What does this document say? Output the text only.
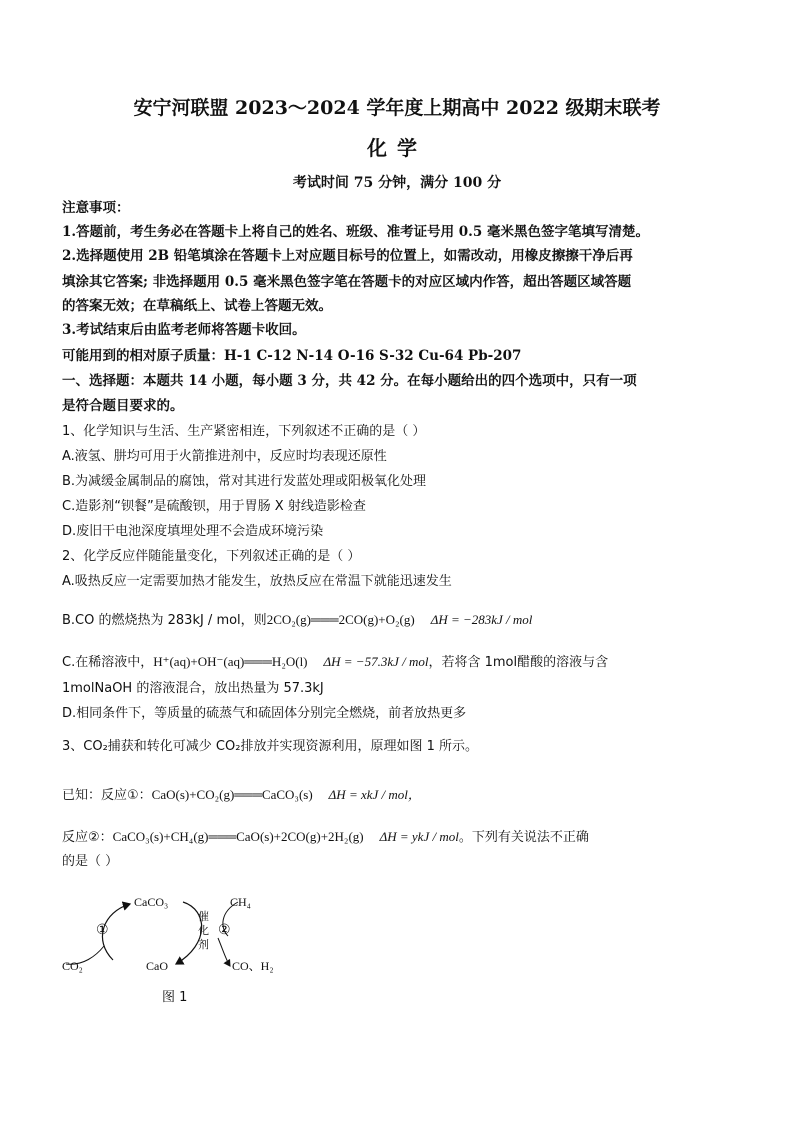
安宁河联盟 2023～2024 学年度上期高中 2022 级期末联考
化学
考试时间 75 分钟，满分 100 分
注意事项：
1.答题前，考生务必在答题卡上将自己的姓名、班级、准考证号用 0.5 毫米黑色签字笔填写清楚。
2.选择题使用 2B 铅笔填涂在答题卡上对应题目标号的位置上，如需改动，用橡皮擦擦干净后再
填涂其它答案; 非选择题用 0.5 毫米黑色签字笔在答题卡的对应区域内作答，超出答题区域答题
的答案无效；在草稿纸上、试卷上答题无效。
3.考试结束后由监考老师将答题卡收回。
可能用到的相对原子质量：H-1 C-12 N-14 O-16 S-32 Cu-64 Pb-207
一、选择题：本题共 14 小题，每小题 3 分，共 42 分。在每小题给出的四个选项中，只有一项
是符合题目要求的。
1、化学知识与生活、生产紧密相连，下列叙述不正确的是（ ）
A.液氢、肼均可用于火箭推进剂中，反应时均表现还原性
B.为减缓金属制品的腐蚀，常对其进行发蓝处理或阳极氧化处理
C.造影剂“钡餐”是硫酸钡，用于胃肠 X 射线造影检查
D.废旧干电池深度填埋处理不会造成环境污染
2、化学反应伴随能量变化，下列叙述正确的是（ ）
A.吸热反应一定需要加热才能发生，放热反应在常温下就能迅速发生
B.CO 的燃烧热为 283kJ / mol，则2CO₂(g)═══2CO(g)+O₂(g) ΔH = −283kJ / mol
C.在稀溶液中，H⁺(aq)+OH⁻(aq)═══H₂O(l) ΔH = −57.3kJ / mol，若将含 1mol醋酸的溶液与含
1molNaOH 的溶液混合，放出热量为 57.3kJ
D.相同条件下，等质量的硫蒸气和硫固体分别完全燃烧，前者放热更多
3、CO₂捕获和转化可减少 CO₂排放并实现资源利用，原理如图 1 所示。
已知：反应①：CaO(s)+CO₂(g)═══CaCO₃(s) ΔH = xkJ / mol，
反应②：CaCO₃(s)+CH₄(g)═══CaO(s)+2CO(g)+2H₂(g) ΔH = ykJ / mol。下列有关说法不正确
的是（ ）
CaCO₃
CaO
CO₂
CH₄
CO、H₂
①	②
催
化
剂
图 1
